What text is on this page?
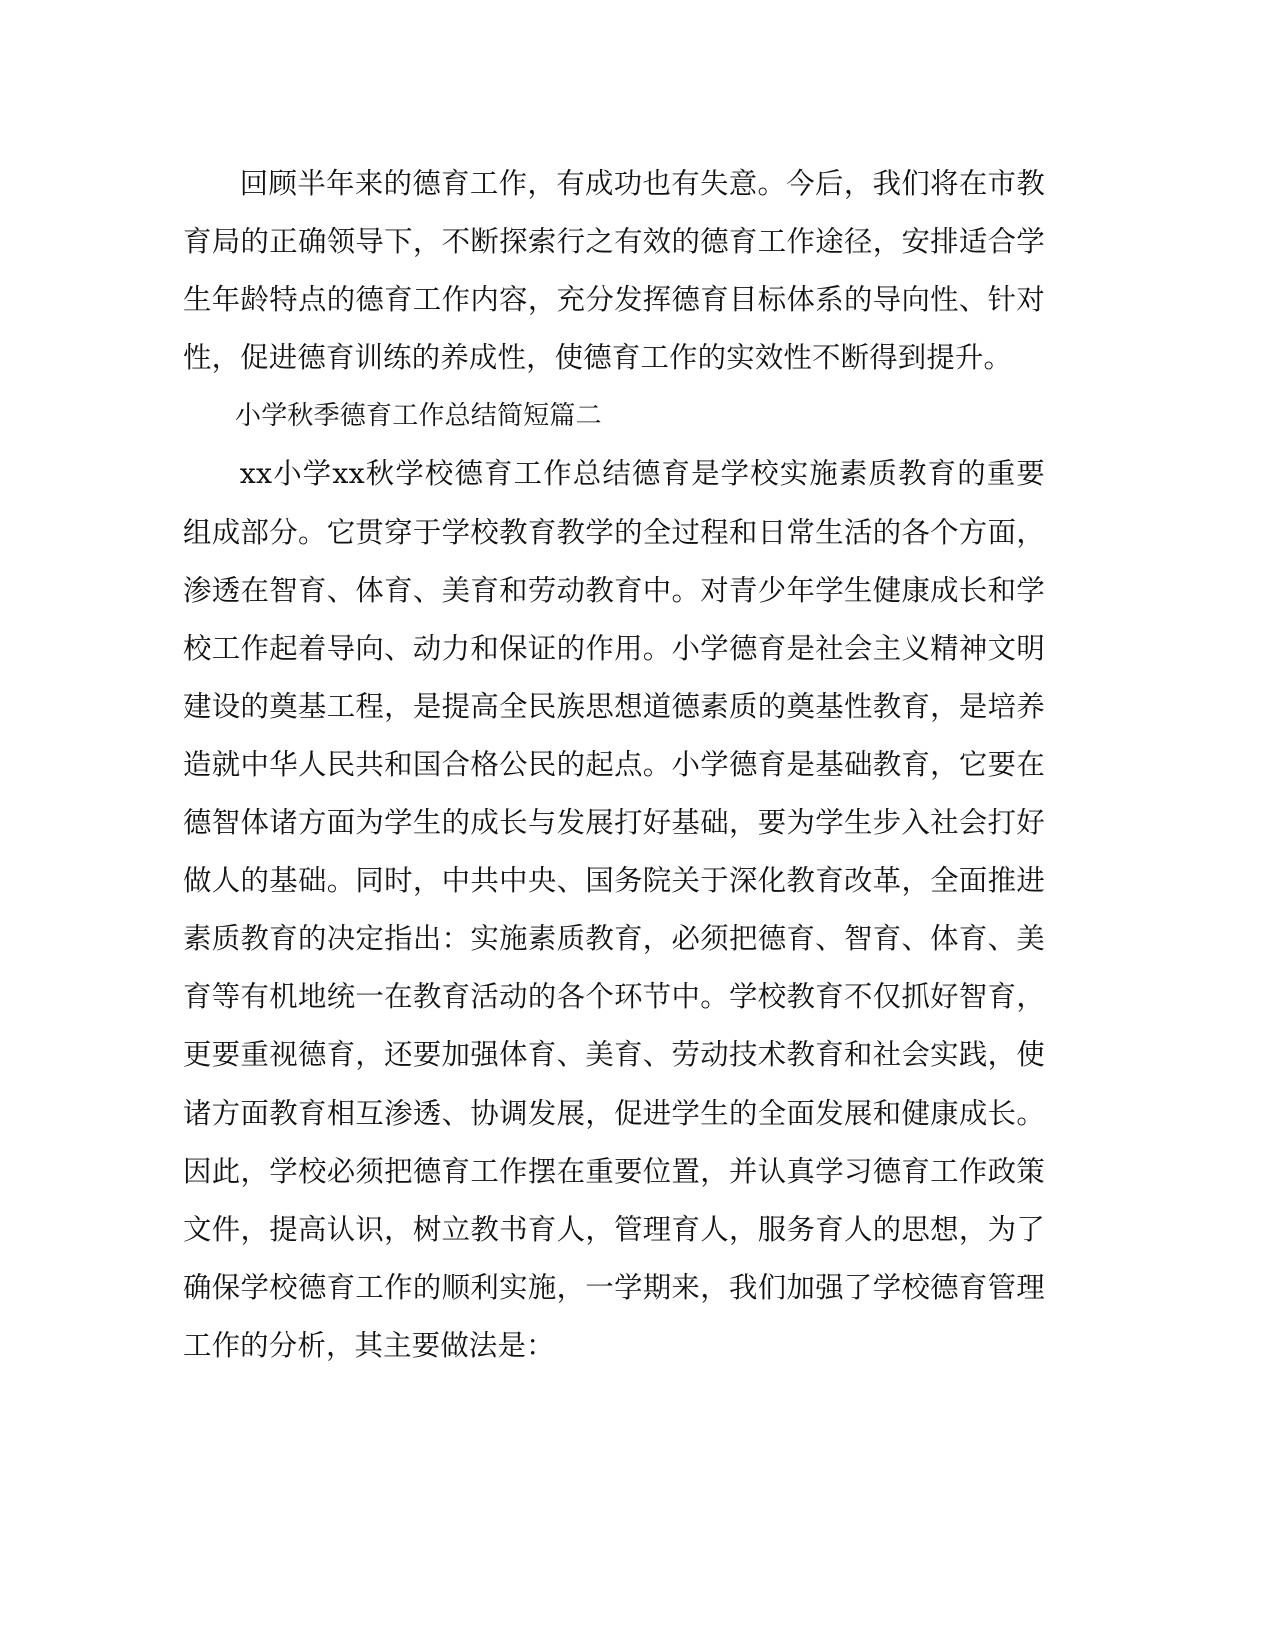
回顾半年来的德育工作，有成功也有失意。今后，我们将在市教育局的正确领导下，不断探索行之有效的德育工作途径，安排适合学生年龄特点的德育工作内容，充分发挥德育目标体系的导向性、针对性，促进德育训练的养成性，使德育工作的实效性不断得到提升。

小学秋季德育工作总结简短篇二

xx小学xx秋学校德育工作总结德育是学校实施素质教育的重要组成部分。它贯穿于学校教育教学的全过程和日常生活的各个方面，渗透在智育、体育、美育和劳动教育中。对青少年学生健康成长和学校工作起着导向、动力和保证的作用。小学德育是社会主义精神文明建设的奠基工程，是提高全民族思想道德素质的奠基性教育，是培养造就中华人民共和国合格公民的起点。小学德育是基础教育，它要在德智体诸方面为学生的成长与发展打好基础，要为学生步入社会打好做人的基础。同时，中共中央、国务院关于深化教育改革，全面推进素质教育的决定指出：实施素质教育，必须把德育、智育、体育、美育等有机地统一在教育活动的各个环节中。学校教育不仅抓好智育，更要重视德育，还要加强体育、美育、劳动技术教育和社会实践，使诸方面教育相互渗透、协调发展，促进学生的全面发展和健康成长。因此，学校必须把德育工作摆在重要位置，并认真学习德育工作政策文件，提高认识，树立教书育人，管理育人，服务育人的思想，为了确保学校德育工作的顺利实施，一学期来，我们加强了学校德育管理工作的分析，其主要做法是：
